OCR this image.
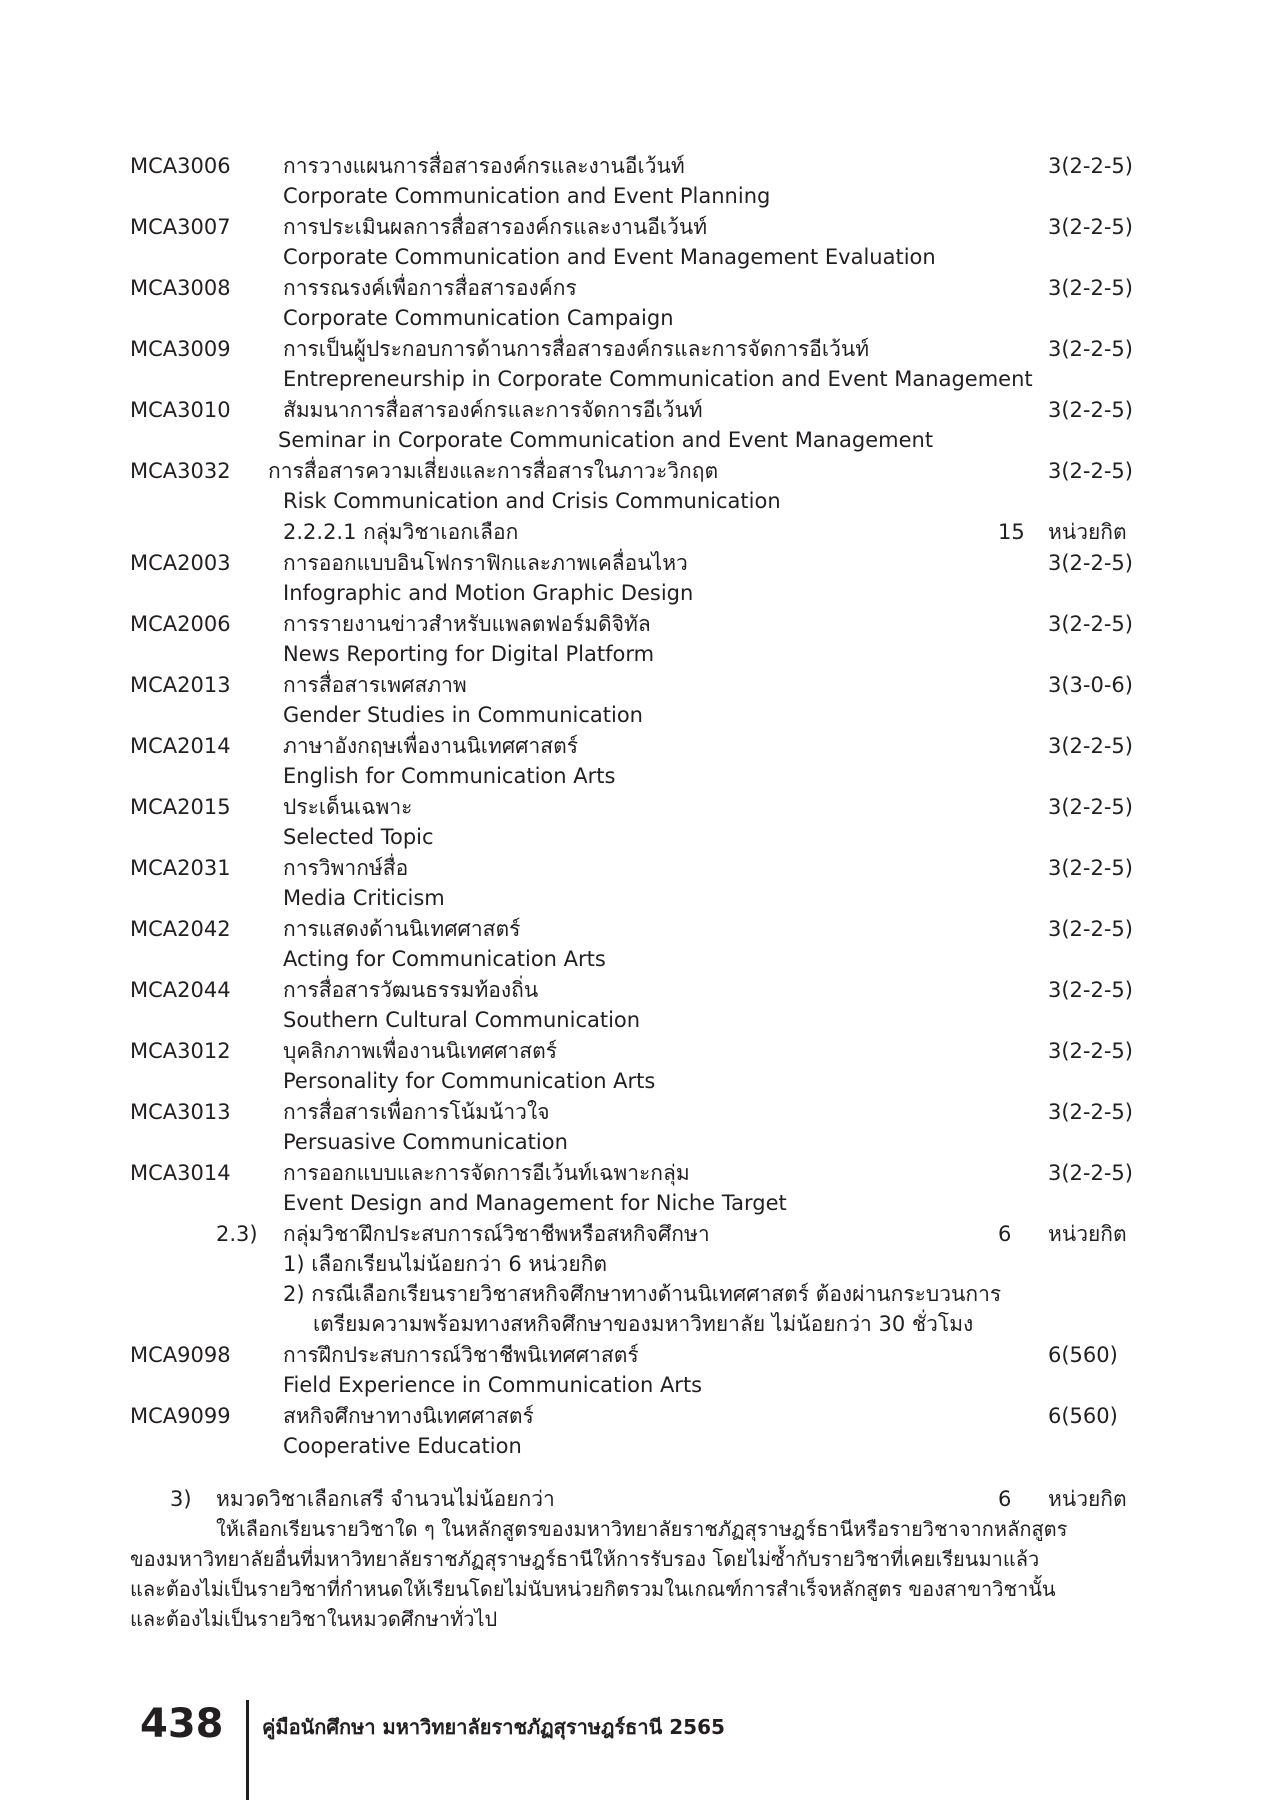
MCA3006	การวางแผนการสื่อสารองค์กรและงานอีเว้นท์	3(2-2-5)
Corporate Communication and Event Planning
MCA3007	การประเมินผลการสื่อสารองค์กรและงานอีเว้นท์	3(2-2-5)
Corporate Communication and Event Management Evaluation
MCA3008	การรณรงค์เพื่อการสื่อสารองค์กร	3(2-2-5)
Corporate Communication Campaign
MCA3009	การเป็นผู้ประกอบการด้านการสื่อสารองค์กรและการจัดการอีเว้นท์	3(2-2-5)
Entrepreneurship in Corporate Communication and Event Management
MCA3010	สัมมนาการสื่อสารองค์กรและการจัดการอีเว้นท์	3(2-2-5)
Seminar in Corporate Communication and Event Management
MCA3032	การสื่อสารความเสี่ยงและการสื่อสารในภาวะวิกฤต	3(2-2-5)
Risk Communication and Crisis Communication
2.2.2.1 กลุ่มวิชาเอกเลือก	15 หน่วยกิต
MCA2003	การออกแบบอินโฟกราฟิกและภาพเคลื่อนไหว	3(2-2-5)
Infographic and Motion Graphic Design
MCA2006	การรายงานข่าวสำหรับแพลตฟอร์มดิจิทัล	3(2-2-5)
News Reporting for Digital Platform
MCA2013	การสื่อสารเพศสภาพ	3(3-0-6)
Gender Studies in Communication
MCA2014	ภาษาอังกฤษเพื่องานนิเทศศาสตร์	3(2-2-5)
English for Communication Arts
MCA2015	ประเด็นเฉพาะ	3(2-2-5)
Selected Topic
MCA2031	การวิพากษ์สื่อ	3(2-2-5)
Media Criticism
MCA2042	การแสดงด้านนิเทศศาสตร์	3(2-2-5)
Acting for Communication Arts
MCA2044	การสื่อสารวัฒนธรรมท้องถิ่น	3(2-2-5)
Southern Cultural Communication
MCA3012	บุคลิกภาพเพื่องานนิเทศศาสตร์	3(2-2-5)
Personality for Communication Arts
MCA3013	การสื่อสารเพื่อการโน้มน้าวใจ	3(2-2-5)
Persuasive Communication
MCA3014	การออกแบบและการจัดการอีเว้นท์เฉพาะกลุ่ม	3(2-2-5)
Event Design and Management for Niche Target
2.3) กลุ่มวิชาฝึกประสบการณ์วิชาชีพหรือสหกิจศึกษา	6 หน่วยกิต
1) เลือกเรียนไม่น้อยกว่า 6 หน่วยกิต
2) กรณีเลือกเรียนรายวิชาสหกิจศึกษาทางด้านนิเทศศาสตร์ ต้องผ่านกระบวนการ
เตรียมความพร้อมทางสหกิจศึกษาของมหาวิทยาลัย ไม่น้อยกว่า 30 ชั่วโมง
MCA9098	การฝึกประสบการณ์วิชาชีพนิเทศศาสตร์	6(560)
Field Experience in Communication Arts
MCA9099	สหกิจศึกษาทางนิเทศศาสตร์	6(560)
Cooperative Education
3) หมวดวิชาเลือกเสรี จำนวนไม่น้อยกว่า	6 หน่วยกิต

ให้เลือกเรียนรายวิชาใด ๆ ในหลักสูตรของมหาวิทยาลัยราชภัฏสุราษฎร์ธานีหรือรายวิชาจากหลักสูตร

ของมหาวิทยาลัยอื่นที่มหาวิทยาลัยราชภัฏสุราษฎร์ธานีให้การรับรอง โดยไม่ซ้ำกับรายวิชาที่เคยเรียนมาแล้ว

และต้องไม่เป็นรายวิชาที่กำหนดให้เรียนโดยไม่นับหน่วยกิตรวมในเกณฑ์การสำเร็จหลักสูตร ของสาขาวิชานั้น

และต้องไม่เป็นรายวิชาในหมวดศึกษาทั่วไป

438 คู่มือนักศึกษา มหาวิทยาลัยราชภัฏสุราษฎร์ธานี 2565
